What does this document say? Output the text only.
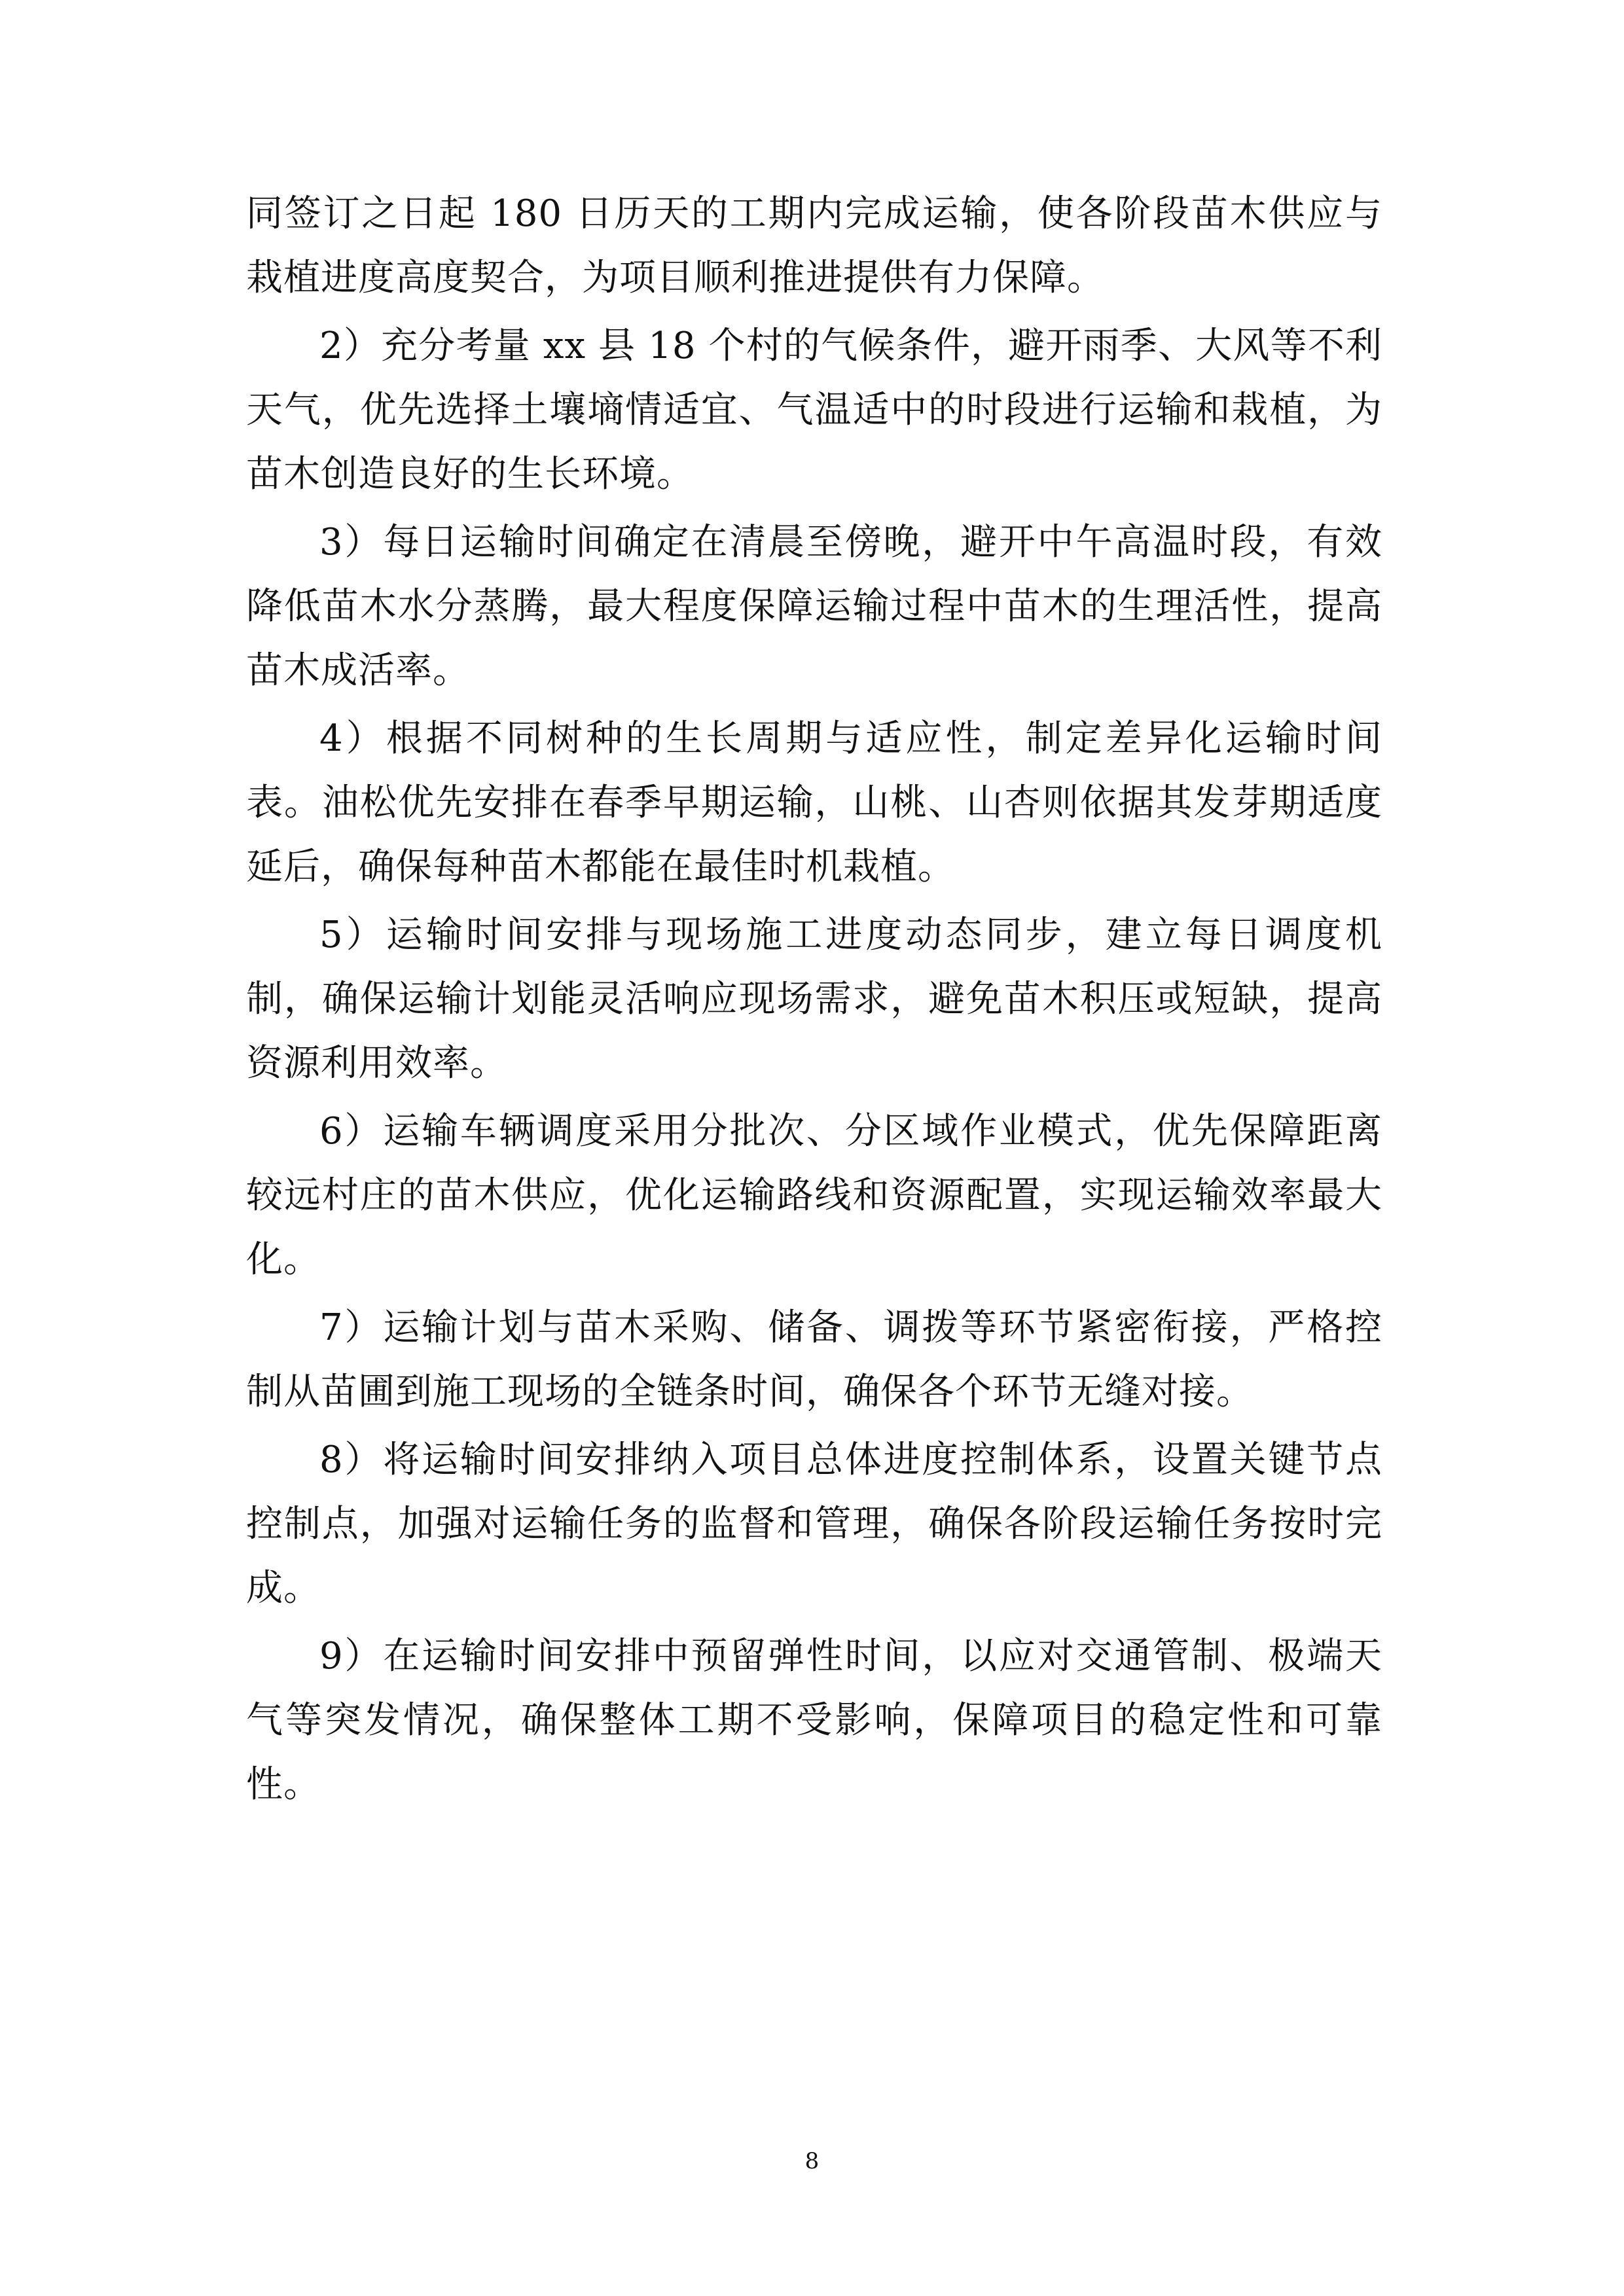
同签订之日起 180 日历天的工期内完成运输，使各阶段苗木供应与栽植进度高度契合，为项目顺利推进提供有力保障。

2）充分考量 xx 县 18 个村的气候条件，避开雨季、大风等不利天气，优先选择土壤墒情适宜、气温适中的时段进行运输和栽植，为苗木创造良好的生长环境。

3）每日运输时间确定在清晨至傍晚，避开中午高温时段，有效降低苗木水分蒸腾，最大程度保障运输过程中苗木的生理活性，提高苗木成活率。

4）根据不同树种的生长周期与适应性，制定差异化运输时间表。油松优先安排在春季早期运输，山桃、山杏则依据其发芽期适度延后，确保每种苗木都能在最佳时机栽植。

5）运输时间安排与现场施工进度动态同步，建立每日调度机制，确保运输计划能灵活响应现场需求，避免苗木积压或短缺，提高资源利用效率。

6）运输车辆调度采用分批次、分区域作业模式，优先保障距离较远村庄的苗木供应，优化运输路线和资源配置，实现运输效率最大化。

7）运输计划与苗木采购、储备、调拨等环节紧密衔接，严格控制从苗圃到施工现场的全链条时间，确保各个环节无缝对接。

8）将运输时间安排纳入项目总体进度控制体系，设置关键节点控制点，加强对运输任务的监督和管理，确保各阶段运输任务按时完成。

9）在运输时间安排中预留弹性时间，以应对交通管制、极端天气等突发情况，确保整体工期不受影响，保障项目的稳定性和可靠性。

8
